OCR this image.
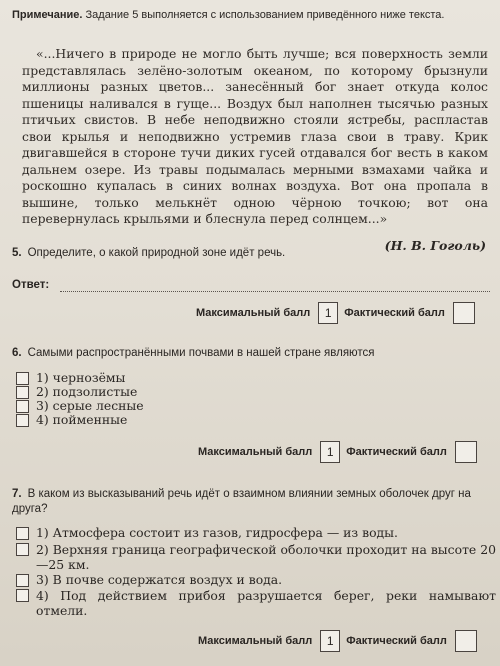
Примечание. Задание 5 выполняется с использованием приведённого ниже текста.
«...Ничего в природе не могло быть лучше; вся поверхность земли представлялась зелёно-золотым океаном, по которому брызнули миллионы разных цветов... занесённый бог знает откуда колос пшеницы наливался в гуще... Воздух был наполнен тысячью разных птичьих свистов. В небе неподвижно стояли ястребы, распластав свои крылья и неподвижно устремив глаза свои в траву. Крик двигавшейся в стороне тучи диких гусей отдавался бог весть в каком дальнем озере. Из травы подымалась мерными взмахами чайка и роскошно купалась в синих волнах воздуха. Вот она пропала в вышине, только мелькнёт одною чёрною точкою; вот она перевернулась крыльями и блеснула перед солнцем...»
(Н. В. Гоголь)
5. Определите, о какой природной зоне идёт речь.
Ответ:
Максимальный балл	1	Фактический балл
6. Самыми распространёнными почвами в нашей стране являются
1) чернозёмы
2) подзолистые
3) серые лесные
4) пойменные
Максимальный балл	1	Фактический балл
7. В каком из высказываний речь идёт о взаимном влиянии земных оболочек друг на друга?
1) Атмосфера состоит из газов, гидросфера — из воды.
2) Верхняя граница географической оболочки проходит на высоте 20—25 км.
3) В почве содержатся воздух и вода.
4) Под действием прибоя разрушается берег, реки намывают отмели.
Максимальный балл	1	Фактический балл
